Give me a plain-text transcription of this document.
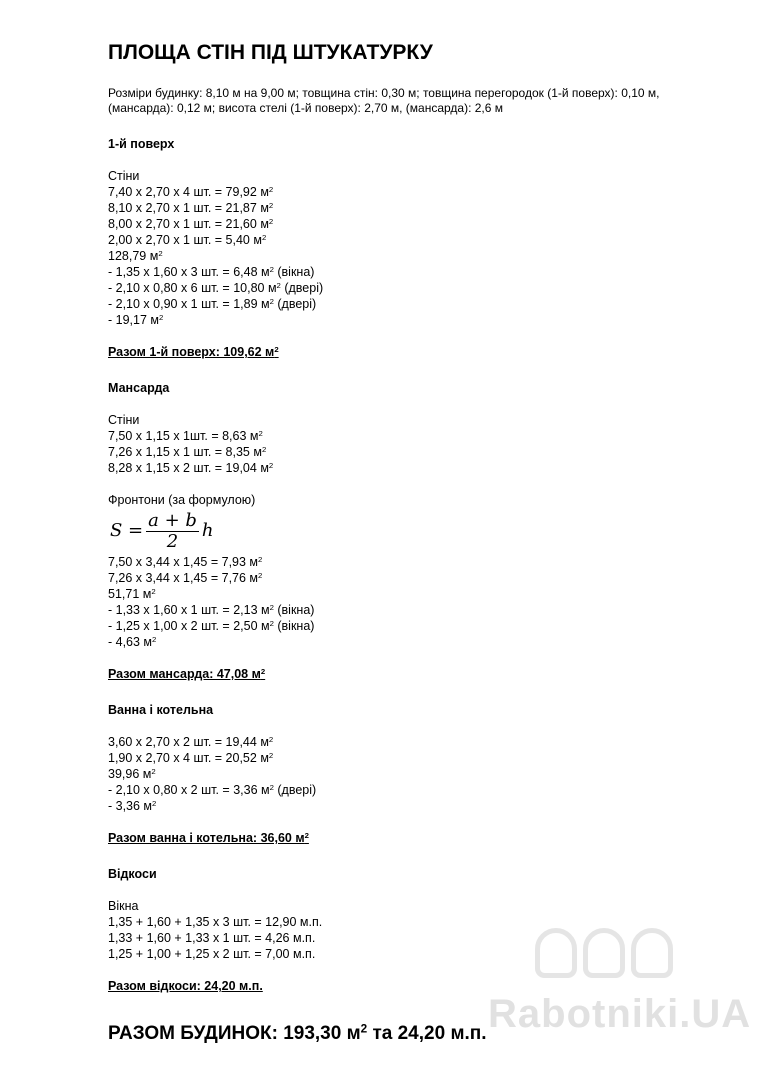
ПЛОЩА СТІН ПІД ШТУКАТУРКУ
Розміри будинку: 8,10 м на 9,00 м; товщина стін: 0,30 м; товщина перегородок (1-й поверх): 0,10 м,
(мансарда): 0,12 м; висота стелі (1-й поверх): 2,70 м, (мансарда): 2,6 м
1-й поверх
Стіни
7,40 х 2,70 х 4 шт. = 79,92 $м^2$
8,10 х 2,70 х 1 шт. = 21,87 $м^2$
8,00 х 2,70 х 1 шт. = 21,60 $м^2$
2,00 х 2,70 х 1 шт. = 5,40 $м^2$
128,79 $м^2$
- 1,35 х 1,60 х 3 шт. = 6,48 $м^2$ (вікна)
- 2,10 х 0,80 х 6 шт. = 10,80 $м^2$ (двері)
- 2,10 х 0,90 х 1 шт. = 1,89 $м^2$ (двері)
- 19,17 $м^2$
Разом 1-й поверх: 109,62 $м^2$
Мансарда
Стіни
7,50 х 1,15 х 1шт. = 8,63 $м^2$
7,26 х 1,15 х 1 шт. = 8,35 $м^2$
8,28 х 1,15 х 2 шт. = 19,04 $м^2$
Фронтони (за формулою)
$S = \frac{a + b}{2}$ h
7,50 х 3,44 х 1,45 = 7,93 $м^2$
7,26 х 3,44 х 1,45 = 7,76 $м^2$
51,71 $м^2$
- 1,33 х 1,60 х 1 шт. = 2,13 $м^2$ (вікна)
- 1,25 х 1,00 х 2 шт. = 2,50 $м^2$ (вікна)
- 4,63 $м^2$
Разом мансарда: 47,08 $м^2$
Ванна і котельна
3,60 х 2,70 х 2 шт. = 19,44 $м^2$
1,90 х 2,70 х 4 шт. = 20,52 $м^2$
39,96 $м^2$
- 2,10 х 0,80 х 2 шт. = 3,36 $м^2$ (двері)
- 3,36 $м^2$
Разом ванна і котельна: 36,60 $м^2$
Відкоси
Вікна
1,35 + 1,60 + 1,35 х 3 шт. = 12,90 м.п.
1,33 + 1,60 + 1,33 х 1 шт. = 4,26 м.п.
1,25 + 1,00 + 1,25 х 2 шт. = 7,00 м.п.
Разом відкоси: 24,20 м.п.
РАЗОМ БУДИНОК: 193,30 $м^2$ та 24,20 м.п. Rabotniki.UA
